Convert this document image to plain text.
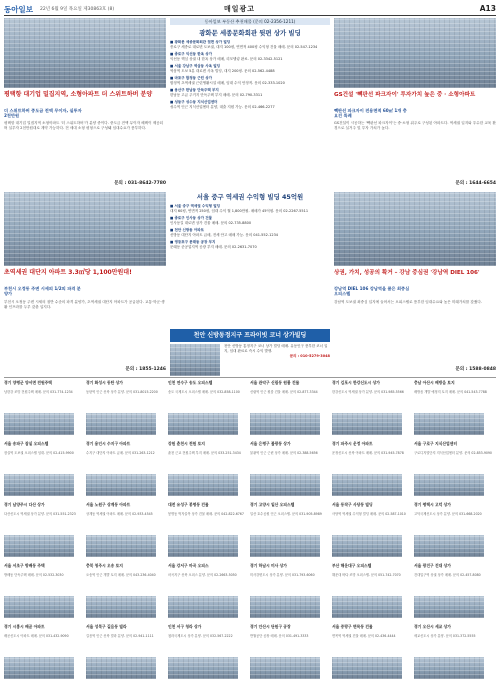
동아일보 22년 6월 9일 목요일 제30863호 (8)	매일광고	A13
동아일보 부동산 추천매물 (문의 02-2356-1211)
평택항 대기업 밀집지역, 소형아파트 더 스위트하버 분양
더 스위트하버 중도금 전액 무이자, 실투자 2천만원
평택항 대기업 밀집지역 소형아파트 '더 스위트하버'가 분양 중이다. 중도금 전액 무이자 혜택이 제공되며 실투자 2천만원대로 계약 가능하다. 전 세대 소형 평형으로 구성돼 임대수요가 풍부하다.
문의 : 031-8642-7780
초역세권 대단지 아파트 3.3㎡당 1,100만원대!
부천시 오정동 주변 시세의 1/2의 파격 분양가
부천시 오정동 주변 시세의 절반 수준의 파격 분양가, 초역세권 대단지 아파트가 공급된다. 교통·학군·생활 인프라를 두루 갖춘 입지다.
문의 : 1855-1246
광화문 세종문화회관 뒷편 상가 빌딩
■ 광화문 세종문화회관 뒷편 상가 빌딩
종로구 세종로 대로변 도보권, 대지 100평, 연면적 400평 수익형 건물 매매. 문의 02-547-1234
■ 종로구 익선동 한옥 상가
익선동 핵심 상권 내 한옥 상가 매매, 리모델링 완료. 문의 02-3342-5121
■ 서울 강남구 역삼동 사옥 빌딩
역삼역 도보 5분 대로변 사옥 빌딩, 대지 200평. 문의 02-562-4488
■ 마포구 합정동 근린 상가
합정역 초역세권 근린생활시설 매매, 임대 수익 안정적. 문의 02-333-1020
■ 용산구 한남동 단독주택 부지
한남동 고급 주거지 단독주택 부지 매매. 문의 02-790-3311
■ 성동구 성수동 지식산업센터
성수역 인근 지식산업센터 분양, 대출 지원 가능. 문의 02-466-2277
서울 중구 역세권 수익형 빌딩 45억원
■ 서울 중구 역세권 수익형 빌딩
대지 60평, 연면적 250평, 임대 수익 월 1,800만원. 매매가 45억원. 문의 02-2267-5511
■ 종로구 인사동 상가 건물
인사동길 대로변 상가 건물 매매. 문의 02-735-8800
■ 천안 신방동 아파트
신방동 대단지 아파트 급매, 전세 안고 매매 가능. 문의 041-552-1234
■ 영등포구 문래동 공장 부지
문래동 준공업지역 공장 부지 매매. 문의 02-2631-7070
천안 신방동정지구 프라이빗 코너 상가빌딩
천안 신방동 통정지구 코너 상가 빌딩 매매. 유동인구 풍부한 코너 입지, 임대 완료로 즉시 수익 발생.
문의 : 010-5279-3048
GS건설 '빽판선 파크자이' 투자가치 높은 중 · 소형아파트
빽판선 파크자이 전용면적 60㎡ 1개 층 요건 특례
GS건설이 시공하는 '빽판선 파크자이'는 중·소형 위주로 구성된 아파트다. 역세권 입지와 우수한 교육 환경으로 실거주 및 투자 가치가 높다.
문의 : 1644-6654
상권, 가치, 성공의 확거 – 강남 중심권 '강남역 DIEL 106'
강남역 DIEL 106 강남역을 품은 최중심 오피스텔
강남역 도보권 최중심 입지에 들어서는 오피스텔로 풍부한 임대수요와 높은 미래가치를 갖췄다.
문의 : 1588-0848
경기 양평군 양서면 전원주택
남한강 조망 전원주택 매매. 문의 031-774-1234
경기 화성시 동탄 상가
동탄역 인근 신축 상가 분양. 문의 031-8015-2200
인천 연수구 송도 오피스텔
송도 국제도시 오피스텔 매매. 문의 032-858-1100
서울 관악구 신림동 원룸 건물
신림역 인근 원룸 건물 매매. 문의 02-877-3344
경기 김포시 한강신도시 상가
한강신도시 역세권 상가 분양. 문의 031-985-5566
충남 아산시 배방읍 토지
배방읍 개발 예정지 토지 매매. 문의 041-543-7788
서울 송파구 잠실 오피스텔
잠실역 도보권 오피스텔 임대. 문의 02-415-9900
경기 용인시 수지구 아파트
수지구 대단지 아파트 급매. 문의 031-263-1212
강원 춘천시 전원 토지
춘천 근교 전원주택 부지 매매. 문의 033-251-3434
서울 은평구 불광동 상가
불광역 인근 근린 상가 매매. 문의 02-388-5656
경기 파주시 운정 아파트
운정신도시 신축 아파트 매매. 문의 031-945-7878
서울 구로구 지식산업센터
구로디지털단지 지식산업센터 분양. 문의 02-853-9090
경기 남양주시 다산 상가
다산신도시 역세권 상가 분양. 문의 031-551-2323
서울 노원구 상계동 아파트
상계동 역세권 아파트 매매. 문의 02-933-4545
대전 유성구 봉명동 건물
봉명동 먹자골목 상가 건물 매매. 문의 042-822-6767
경기 고양시 일산 오피스텔
일산 호수공원 인근 오피스텔. 문의 031-905-8989
서울 동작구 사당동 빌딩
사당역 역세권 수익형 빌딩 매매. 문의 02-587-1010
경기 평택시 고덕 상가
고덕국제신도시 상가 분양. 문의 031-668-2020
서울 서초구 방배동 주택
방배동 단독주택 매매. 문의 02-532-3030
충북 청주시 오송 토지
오송역 인근 개발 토지 매매. 문의 043-236-4040
서울 강서구 마곡 오피스
마곡지구 신축 오피스 분양. 문의 02-2663-5050
경기 하남시 미사 상가
미사강변도시 상가 분양. 문의 031-793-6060
부산 해운대구 오피스텔
해운대 바다 조망 오피스텔. 문의 051-742-7070
서울 광진구 건대 상가
건대입구역 상권 상가 매매. 문의 02-457-8080
경기 시흥시 배곧 아파트
배곧신도시 아파트 매매. 문의 031-432-9090
서울 성북구 길음동 빌라
길음역 인근 신축 빌라 분양. 문의 02-941-1111
인천 서구 청라 상가
청라국제도시 상가 분양. 문의 032-567-2222
경기 안산시 단원구 공장
반월공단 공장 매매. 문의 031-491-3333
서울 중랑구 면목동 건물
면목역 역세권 건물 매매. 문의 02-436-4444
경기 오산시 세교 상가
세교신도시 상가 분양. 문의 031-372-5555
